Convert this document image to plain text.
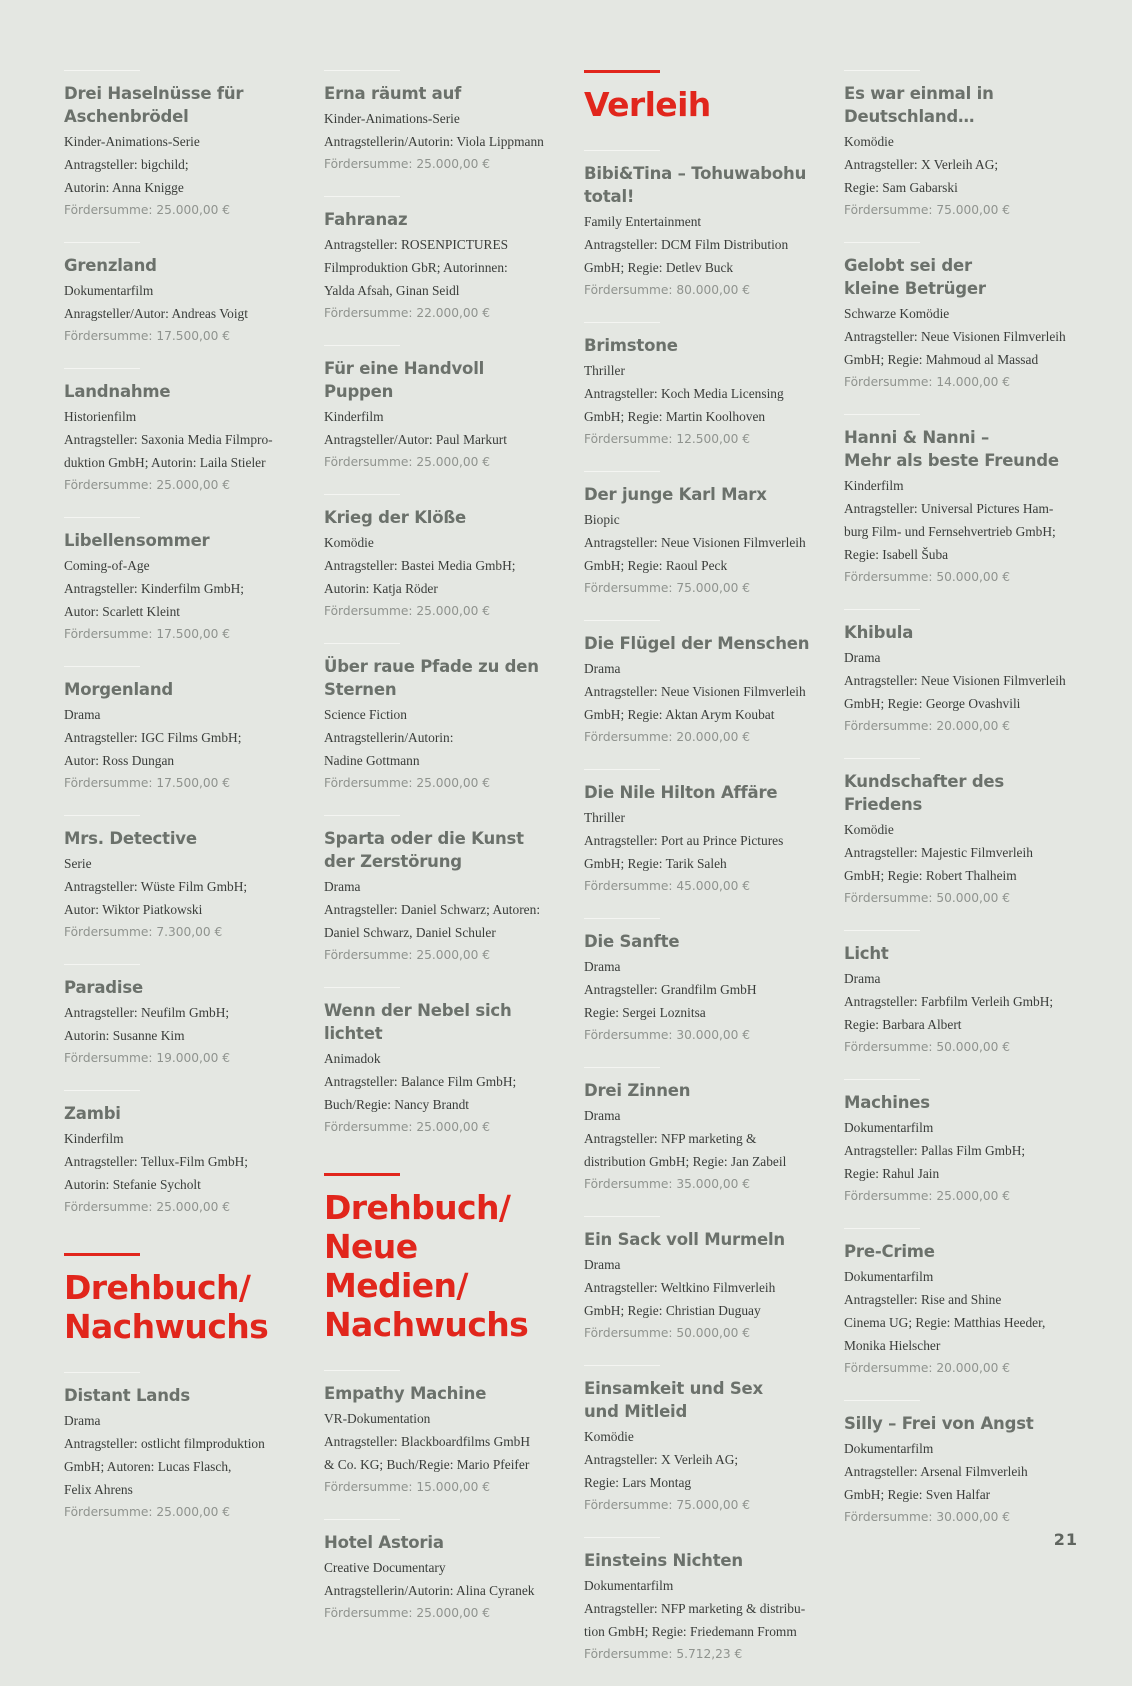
Drei Haselnüsse für
Aschenbrödel
Kinder-Animations-Serie
Antragsteller: bigchild;
Autorin: Anna Knigge
Fördersumme: 25.000,00 €
Grenzland
Dokumentarfilm
Anragsteller/Autor: Andreas Voigt
Fördersumme: 17.500,00 €
Landnahme
Historienfilm
Antragsteller: Saxonia Media Filmpro-
duktion GmbH; Autorin: Laila Stieler
Fördersumme: 25.000,00 €
Libellensommer
Coming-of-Age
Antragsteller: Kinderfilm GmbH;
Autor: Scarlett Kleint
Fördersumme: 17.500,00 €
Morgenland
Drama
Antragsteller: IGC Films GmbH;
Autor: Ross Dungan
Fördersumme: 17.500,00 €
Mrs. Detective
Serie
Antragsteller: Wüste Film GmbH;
Autor: Wiktor Piatkowski
Fördersumme: 7.300,00 €
Paradise
Antragsteller: Neufilm GmbH;
Autorin: Susanne Kim
Fördersumme: 19.000,00 €
Zambi
Kinderfilm
Antragsteller: Tellux-Film GmbH;
Autorin: Stefanie Sycholt
Fördersumme: 25.000,00 €
Drehbuch/
Nachwuchs
Distant Lands
Drama
Antragsteller: ostlicht filmproduktion
GmbH; Autoren: Lucas Flasch,
Felix Ahrens
Fördersumme: 25.000,00 €
Erna räumt auf
Kinder-Animations-Serie
Antragstellerin/Autorin: Viola Lippmann
Fördersumme: 25.000,00 €
Fahranaz
Antragsteller: ROSENPICTURES
Filmproduktion GbR; Autorinnen:
Yalda Afsah, Ginan Seidl
Fördersumme: 22.000,00 €
Für eine Handvoll Puppen
Kinderfilm
Antragsteller/Autor: Paul Markurt
Fördersumme: 25.000,00 €
Krieg der Klöße
Komödie
Antragsteller: Bastei Media GmbH;
Autorin: Katja Röder
Fördersumme: 25.000,00 €
Über raue Pfade zu den
Sternen
Science Fiction
Antragstellerin/Autorin:
Nadine Gottmann
Fördersumme: 25.000,00 €
Sparta oder die Kunst
der Zerstörung
Drama
Antragsteller: Daniel Schwarz; Autoren:
Daniel Schwarz, Daniel Schuler
Fördersumme: 25.000,00 €
Wenn der Nebel sich lichtet
Animadok
Antragsteller: Balance Film GmbH;
Buch/Regie: Nancy Brandt
Fördersumme: 25.000,00 €
Drehbuch/
Neue Medien/
Nachwuchs
Empathy Machine
VR-Dokumentation
Antragsteller: Blackboardfilms GmbH
& Co. KG; Buch/Regie: Mario Pfeifer
Fördersumme: 15.000,00 €
Hotel Astoria
Creative Documentary
Antragstellerin/Autorin: Alina Cyranek
Fördersumme: 25.000,00 €
Verleih
Bibi&Tina – Tohuwabohu total!
Family Entertainment
Antragsteller: DCM Film Distribution
GmbH; Regie: Detlev Buck
Fördersumme: 80.000,00 €
Brimstone
Thriller
Antragsteller: Koch Media Licensing
GmbH; Regie: Martin Koolhoven
Fördersumme: 12.500,00 €
Der junge Karl Marx
Biopic
Antragsteller: Neue Visionen Filmverleih
GmbH; Regie: Raoul Peck
Fördersumme: 75.000,00 €
Die Flügel der Menschen
Drama
Antragsteller: Neue Visionen Filmverleih
GmbH; Regie: Aktan Arym Koubat
Fördersumme: 20.000,00 €
Die Nile Hilton Affäre
Thriller
Antragsteller: Port au Prince Pictures
GmbH; Regie: Tarik Saleh
Fördersumme: 45.000,00 €
Die Sanfte
Drama
Antragsteller: Grandfilm GmbH
Regie: Sergei Loznitsa
Fördersumme: 30.000,00 €
Drei Zinnen
Drama
Antragsteller: NFP marketing &
distribution GmbH; Regie: Jan Zabeil
Fördersumme: 35.000,00 €
Ein Sack voll Murmeln
Drama
Antragsteller: Weltkino Filmverleih
GmbH; Regie: Christian Duguay
Fördersumme: 50.000,00 €
Einsamkeit und Sex
und Mitleid
Komödie
Antragsteller: X Verleih AG;
Regie: Lars Montag
Fördersumme: 75.000,00 €
Einsteins Nichten
Dokumentarfilm
Antragsteller: NFP marketing & distribu-
tion GmbH; Regie: Friedemann Fromm
Fördersumme: 5.712,23 €
Es war einmal in
Deutschland…
Komödie
Antragsteller: X Verleih AG;
Regie: Sam Gabarski
Fördersumme: 75.000,00 €
Gelobt sei der
kleine Betrüger
Schwarze Komödie
Antragsteller: Neue Visionen Filmverleih
GmbH; Regie: Mahmoud al Massad
Fördersumme: 14.000,00 €
Hanni & Nanni –
Mehr als beste Freunde
Kinderfilm
Antragsteller: Universal Pictures Ham-
burg Film- und Fernsehvertrieb GmbH;
Regie: Isabell Šuba
Fördersumme: 50.000,00 €
Khibula
Drama
Antragsteller: Neue Visionen Filmverleih
GmbH; Regie: George Ovashvili
Fördersumme: 20.000,00 €
Kundschafter des Friedens
Komödie
Antragsteller: Majestic Filmverleih
GmbH; Regie: Robert Thalheim
Fördersumme: 50.000,00 €
Licht
Drama
Antragsteller: Farbfilm Verleih GmbH;
Regie: Barbara Albert
Fördersumme: 50.000,00 €
Machines
Dokumentarfilm
Antragsteller: Pallas Film GmbH;
Regie: Rahul Jain
Fördersumme: 25.000,00 €
Pre-Crime
Dokumentarfilm
Antragsteller: Rise and Shine
Cinema UG; Regie: Matthias Heeder,
Monika Hielscher
Fördersumme: 20.000,00 €
Silly – Frei von Angst
Dokumentarfilm
Antragsteller: Arsenal Filmverleih
GmbH; Regie: Sven Halfar
Fördersumme: 30.000,00 €
21
